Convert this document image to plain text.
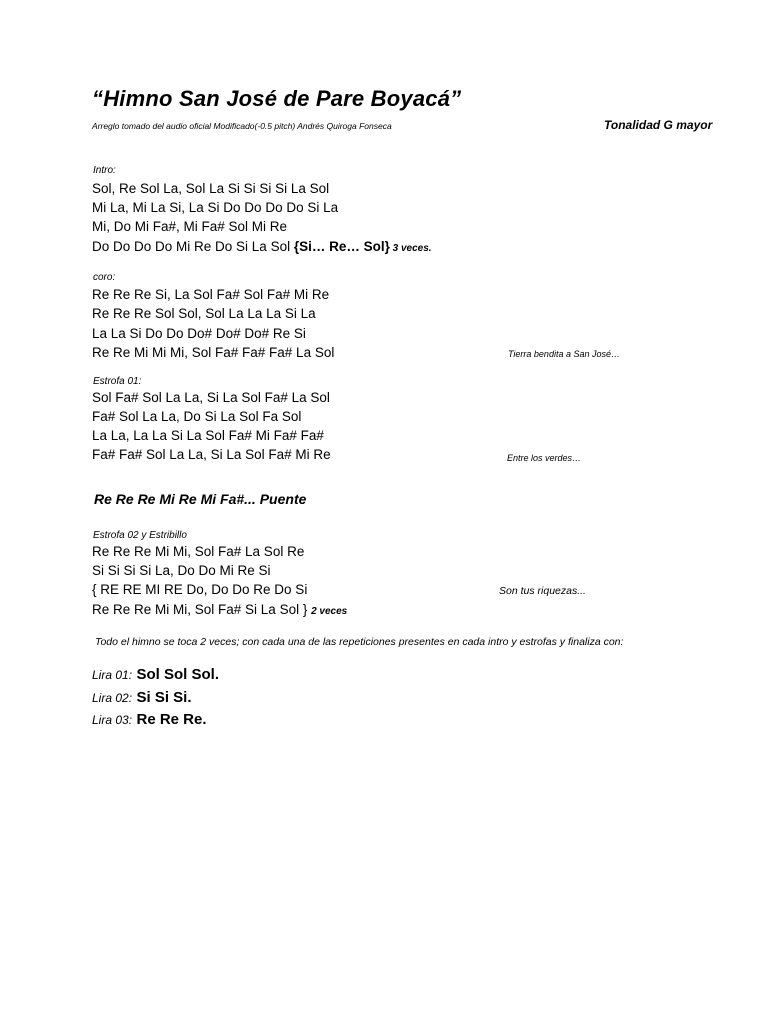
“Himno San José de Pare Boyacá”
Arreglo tomado del audio oficial Modificado(-0.5 pitch) Andrés Quiroga Fonseca	Tonalidad G mayor
Intro:
Sol, Re Sol La, Sol La Si Si Si Si La Sol
Mi La, Mi La Si, La Si Do Do Do Do Si La
Mi, Do Mi Fa#, Mi Fa# Sol Mi Re
Do Do Do Do Mi Re Do Si La Sol {Si… Re… Sol} 3 veces.
coro:
Re Re Re Si, La Sol Fa# Sol Fa# Mi Re
Re Re Re Sol Sol, Sol La La La Si La
La La Si Do Do Do# Do# Do# Re Si
Re Re Mi Mi Mi, Sol Fa# Fa# Fa# La Sol	Tierra bendita a San José…
Estrofa 01:
Sol Fa# Sol La La, Si La Sol Fa# La Sol
Fa# Sol La La, Do Si La Sol Fa Sol
La La, La La Si La Sol Fa# Mi Fa# Fa#
Fa# Fa# Sol La La, Si La Sol Fa# Mi Re	Entre los verdes…
Re Re Re Mi Re Mi Fa#... Puente
Estrofa 02 y Estribillo
Re Re Re Mi Mi, Sol Fa# La Sol Re
Si Si Si Si La, Do Do Mi Re Si
{ RE RE MI RE Do, Do Do Re Do Si	Son tus riquezas...
Re Re Re Mi Mi, Sol Fa# Si La Sol } 2 veces
Todo el himno se toca 2 veces; con cada una de las repeticiones presentes en cada intro y estrofas y finaliza con:
Lira 01: Sol Sol Sol.
Lira 02: Si Si Si.
Lira 03: Re Re Re.
